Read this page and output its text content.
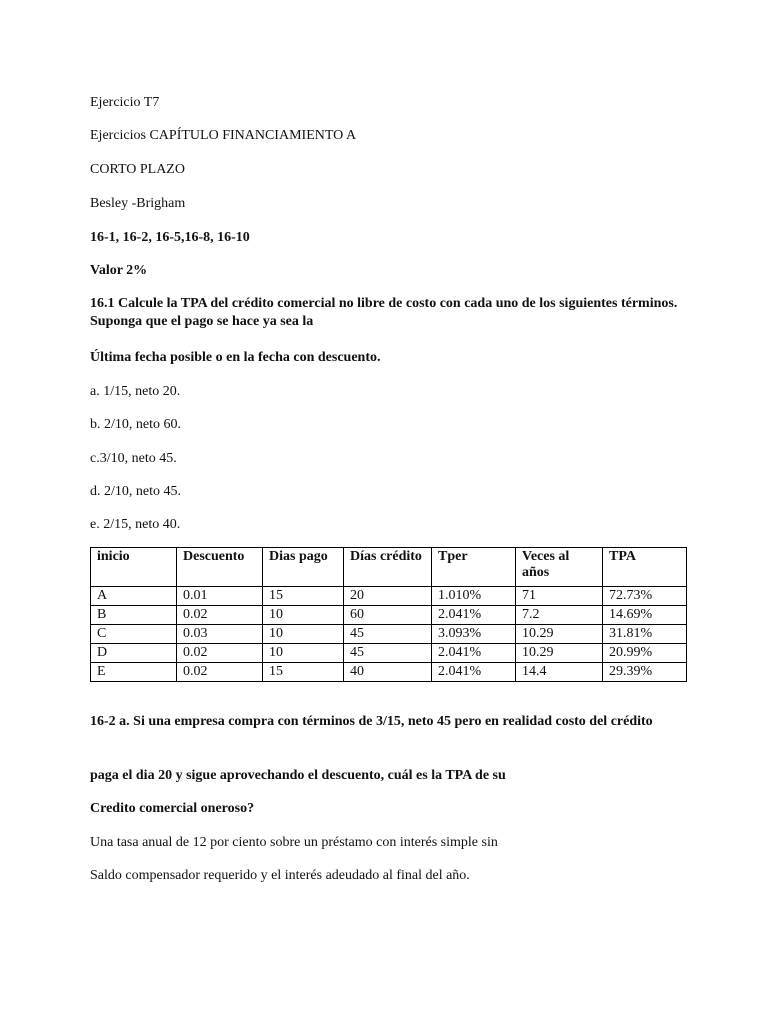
Ejercicio T7
Ejercicios CAPÍTULO FINANCIAMIENTO A
CORTO PLAZO
Besley -Brigham
16-1, 16-2, 16-5,16-8, 16-10
Valor 2%
16.1 Calcule la TPA del crédito comercial no libre de costo con cada uno de los siguientes términos. Suponga que el pago se hace ya sea la
Última fecha posible o en la fecha con descuento.
a. 1/15, neto 20.
b. 2/10, neto 60.
c.3/10, neto 45.
d. 2/10, neto 45.
e. 2/15, neto 40.
inicio	Descuento	Dias pago	Días crédito	Tper	Veces al años	TPA
A	0.01	15	20	1.010%	71	72.73%
B	0.02	10	60	2.041%	7.2	14.69%
C	0.03	10	45	3.093%	10.29	31.81%
D	0.02	10	45	2.041%	10.29	20.99%
E	0.02	15	40	2.041%	14.4	29.39%
16-2 a. Si una empresa compra con términos de 3/15, neto 45 pero en realidad costo del crédito
paga el dia 20 y sigue aprovechando el descuento, cuál es la TPA de su
Credito comercial oneroso?
Una tasa anual de 12 por ciento sobre un préstamo con interés simple sin
Saldo compensador requerido y el interés adeudado al final del año.
